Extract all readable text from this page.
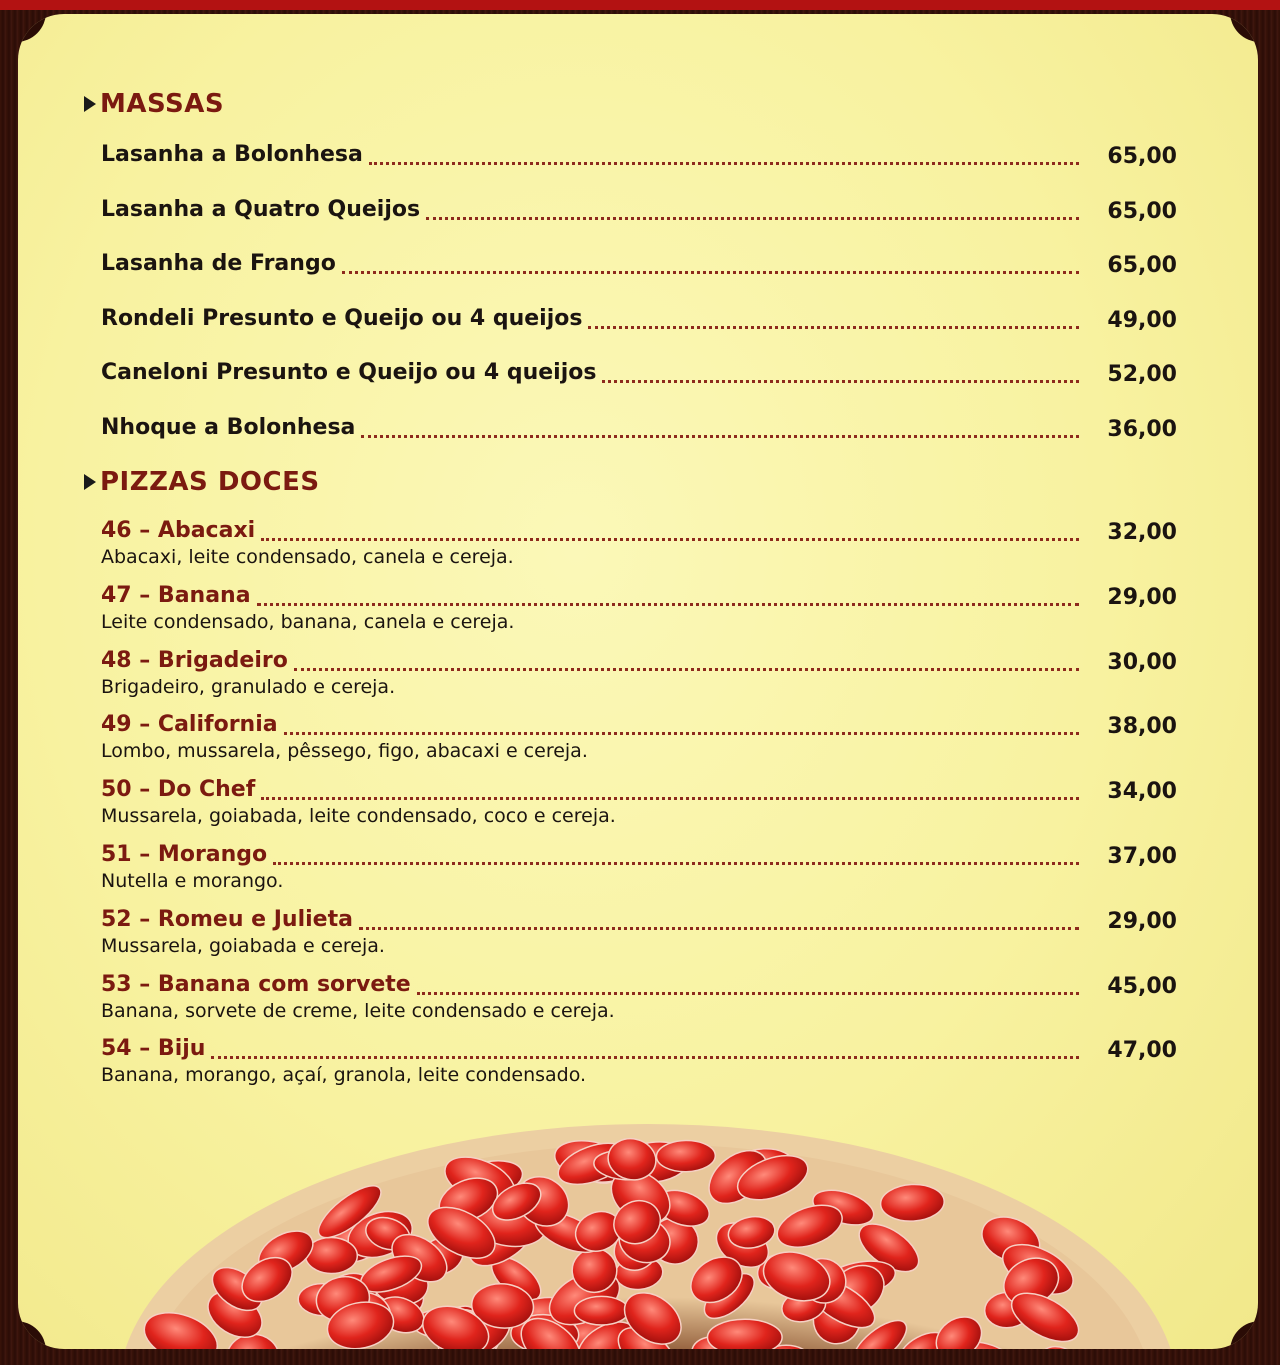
MASSAS
Lasanha a Bolonhesa	65,00
Lasanha a Quatro Queijos	65,00
Lasanha de Frango	65,00
Rondeli Presunto e Queijo ou 4 queijos	49,00
Caneloni Presunto e Queijo ou 4 queijos	52,00
Nhoque a Bolonhesa	36,00
PIZZAS DOCES
46 – Abacaxi	32,00
Abacaxi, leite condensado, canela e cereja.
47 – Banana	29,00
Leite condensado, banana, canela e cereja.
48 – Brigadeiro	30,00
Brigadeiro, granulado e cereja.
49 – California	38,00
Lombo, mussarela, pêssego, figo, abacaxi e cereja.
50 – Do Chef	34,00
Mussarela, goiabada, leite condensado, coco e cereja.
51 – Morango	37,00
Nutella e morango.
52 – Romeu e Julieta	29,00
Mussarela, goiabada e cereja.
53 – Banana com sorvete	45,00
Banana, sorvete de creme, leite condensado e cereja.
54 – Biju	47,00
Banana, morango, açaí, granola, leite condensado.
